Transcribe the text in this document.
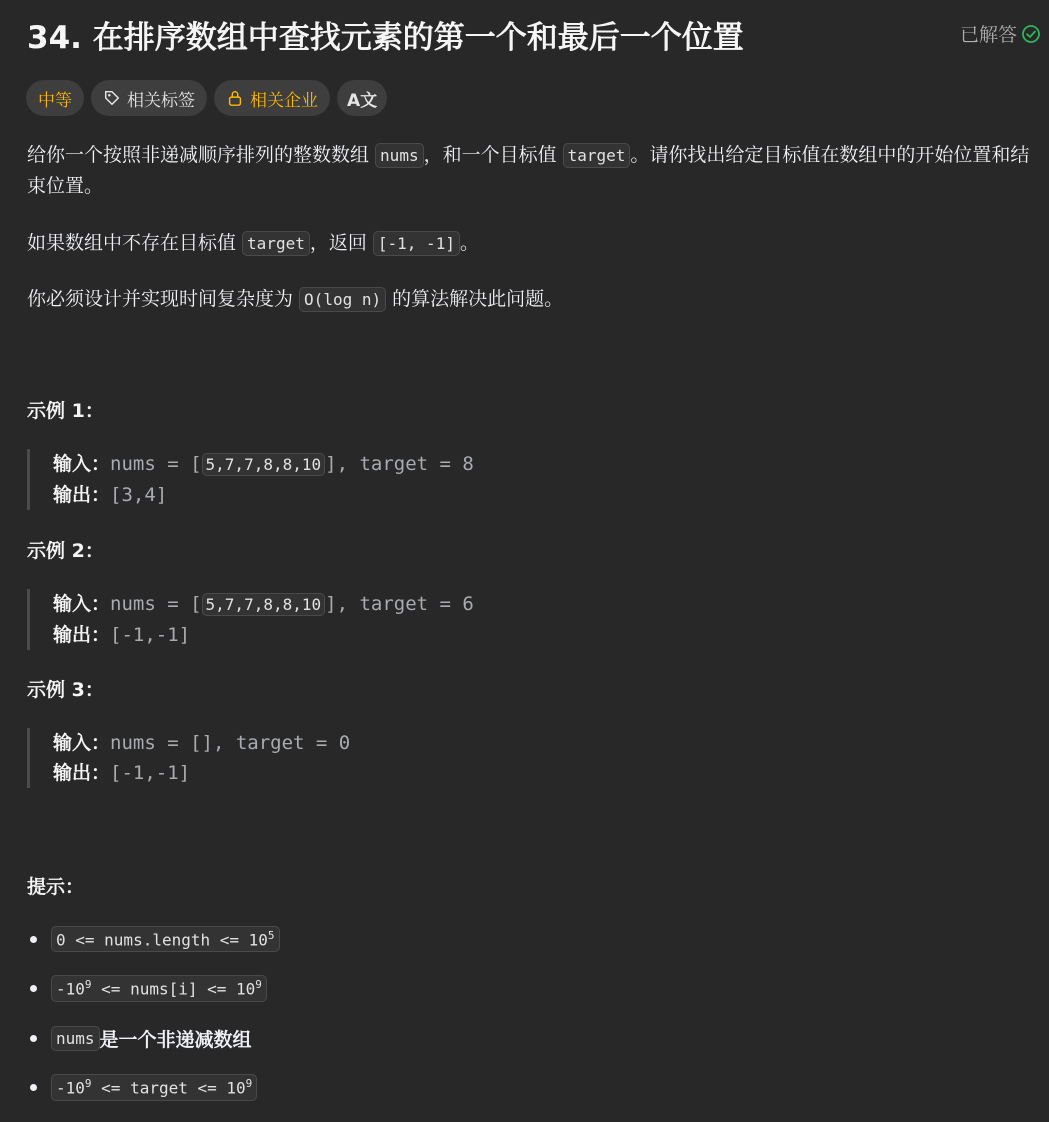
34. 在排序数组中查找元素的第一个和最后一个位置	已解答
中等	相关标签	相关企业 A文

给你一个按照非递减顺序排列的整数数组 nums ，和一个目标值 target 。请你找出给定目标值在数组中的开始位置和结束位置。

如果数组中不存在目标值 target ，返回 [-1, -1] 。

你必须设计并实现时间复杂度为 O(log n) 的算法解决此问题。

示例 1：
输入：nums = [ 5,7,7,8,8,10 ], target = 8
输出：[3,4]
示例 2：
输入：nums = [ 5,7,7,8,8,10 ], target = 6
输出：[-1,-1]
示例 3：
输入：nums = [], target = 0
输出：[-1,-1]
提示：
0 <= nums.length <= $10^5$
$-10^9$ <= nums[i] <= $10^9$
nums 是一个非递减数组
$-10^9$ <= target <= $10^9$
